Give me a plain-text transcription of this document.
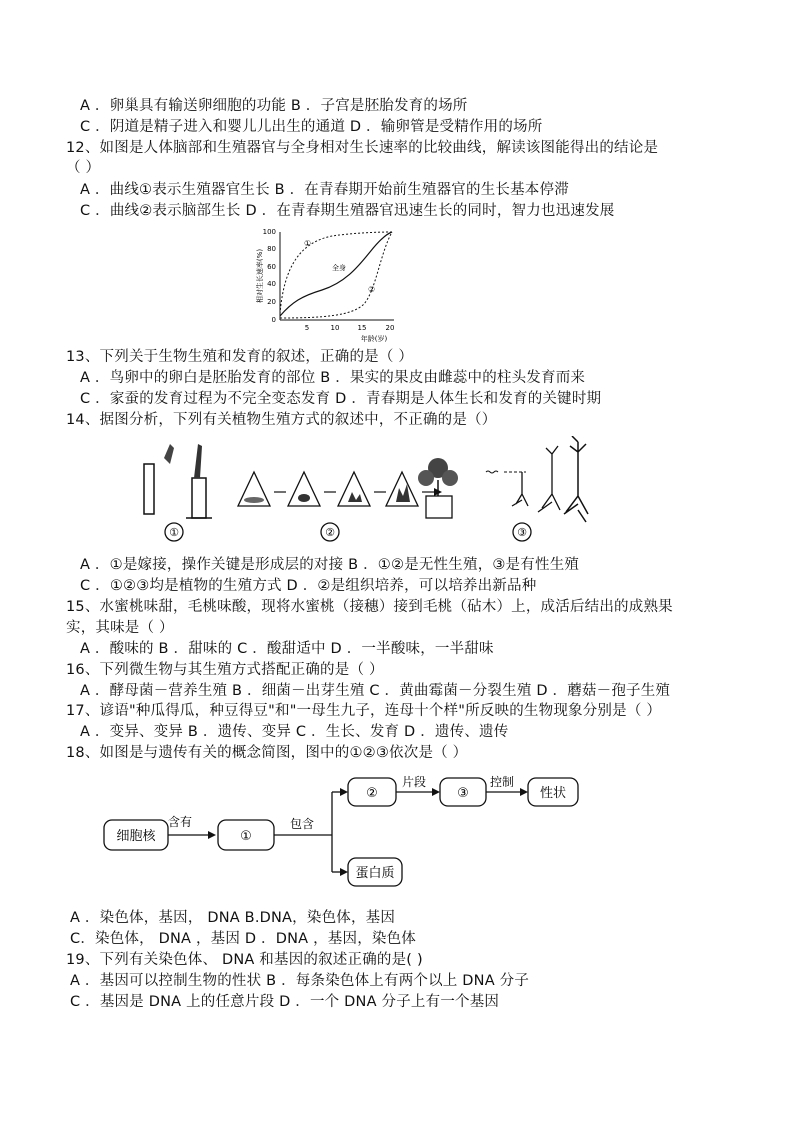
A ．卵巢具有输送卵细胞的功能 B ．子宫是胚胎发育的场所
C ．阴道是精子进入和婴儿儿出生的通道 D ．输卵管是受精作用的场所
12、如图是人体脑部和生殖器官与全身相对生长速率的比较曲线，解读该图能得出的结论是
（ ）
A ．曲线①表示生殖器官生长 B ．在青春期开始前生殖器官的生长基本停滞
C ．曲线②表示脑部生长 D ．在青春期生殖器官迅速生长的同时，智力也迅速发展
相对生长速率(%)
100
80
60
40
20
0
5	10	15	20
年龄(岁)
①
全身
②
13、下列关于生物生殖和发育的叙述，正确的是（ ）
A ．鸟卵中的卵白是胚胎发育的部位 B ．果实的果皮由雌蕊中的柱头发育而来
C ．家蚕的发育过程为不完全变态发育 D ．青春期是人体生长和发育的关键时期
14、据图分析，下列有关植物生殖方式的叙述中，不正确的是（）
①	②	③
A ．①是嫁接，操作关键是形成层的对接 B ．①②是无性生殖，③是有性生殖
C ．①②③均是植物的生殖方式 D ．②是组织培养，可以培养出新品种
15、水蜜桃味甜，毛桃味酸，现将水蜜桃（接穗）接到毛桃（砧木）上，成活后结出的成熟果
实，其味是（ ）
A ．酸味的 B ．甜味的 C ．酸甜适中 D ．一半酸味，一半甜味
16、下列微生物与其生殖方式搭配正确的是（ ）
A ．酵母菌－营养生殖 B ．细菌－出芽生殖 C ．黄曲霉菌－分裂生殖 D ．蘑菇－孢子生殖
17、谚语"种瓜得瓜，种豆得豆"和"一母生九子，连母十个样"所反映的生物现象分别是（ ）
A ．变异、变异 B ．遗传、变异 C ．生长、发育 D ．遗传、遗传
18、如图是与遗传有关的概念简图，图中的①②③依次是（ ）
细胞核
含有
①
包含
②
片段
③
控制
性状
蛋白质
A ．染色体，基因， DNA B.DNA，染色体，基因
C．染色体， DNA ，基因 D ．DNA ，基因，染色体
19、下列有关染色体、 DNA 和基因的叙述正确的是( )
A ．基因可以控制生物的性状 B ．每条染色体上有两个以上 DNA 分子
C ．基因是 DNA 上的任意片段 D ．一个 DNA 分子上有一个基因
